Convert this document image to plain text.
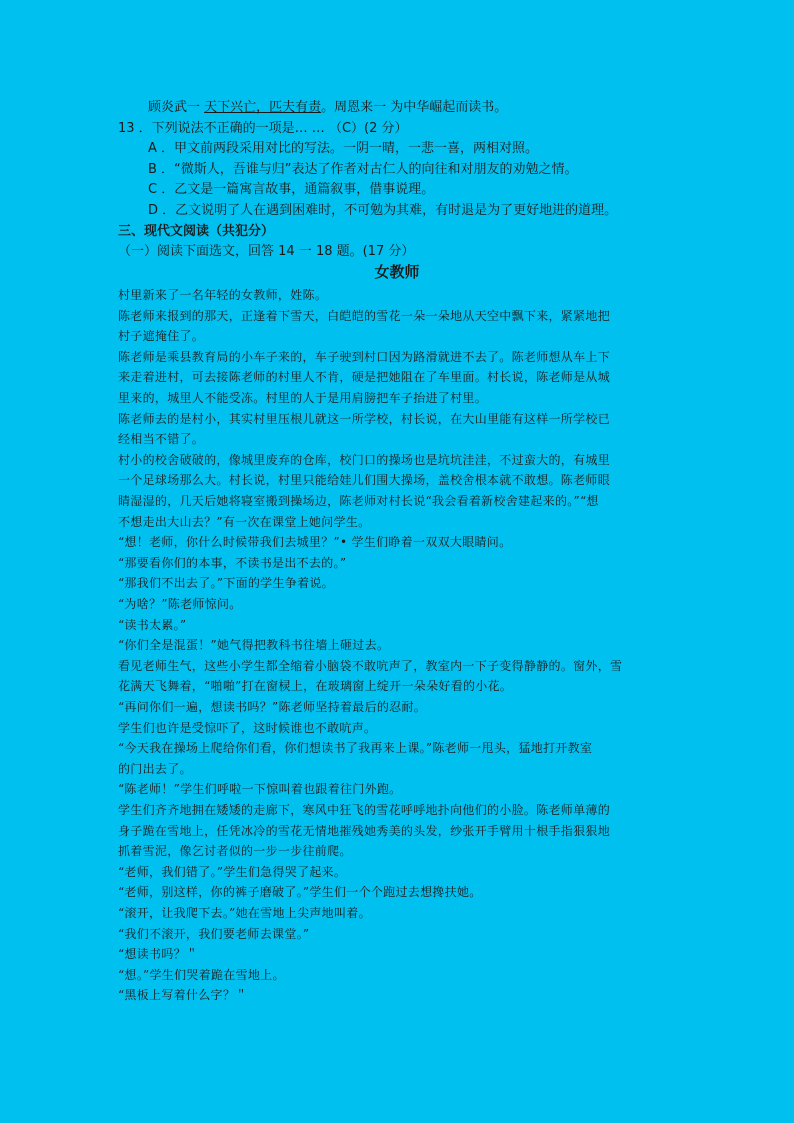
顾炎武一 天下兴亡，匹夫有责。周恩来一 为中华崛起而读书。
13 ．下列说法不正确的一项是… … （C）(2 分）
A ．甲文前两段采用对比的写法。一阴一晴，一悲一喜，两相对照。
B ．“微斯人，吾谁与归”表达了作者对古仁人的向往和对朋友的劝勉之情。
C ．乙文是一篇寓言故事，通篇叙事，借事说理。
D ．乙文说明了人在遇到困难时，不可勉为其难，有时退是为了更好地进的道理。
三、现代文阅读（共犯分）
（一）阅读下面选文，回答 14 一 18 题。(17 分）
女教师
村里新来了一名年轻的女教师，姓陈。
陈老师来报到的那天，正逢着下雪天，白皑皑的雪花一朵一朵地从天空中飘下来，紧紧地把
村子遮掩住了。
陈老师是乘县教育局的小车子来的，车子驶到村口因为路滑就进不去了。陈老师想从车上下
来走着进村，可去接陈老师的村里人不肯，硬是把她阻在了车里面。村长说，陈老师是从城
里来的，城里人不能受冻。村里的人于是用肩膀把车子抬进了村里。
陈老师去的是村小，其实村里压根儿就这一所学校，村长说，在大山里能有这样一所学校已
经相当不错了。
村小的校舍破破的，像城里废弃的仓库，校门口的操场也是坑坑洼洼，不过蛮大的，有城里
一个足球场那么大。村长说，村里只能给娃儿们围大操场，盖校舍根本就不敢想。陈老师眼
睛湿湿的，几天后她将寝室搬到操场边，陈老师对村长说“我会看着新校舍建起来的。”“想
不想走出大山去？”有一次在课堂上她问学生。
“想！老师，你什么时候带我们去城里？”• 学生们睁着一双双大眼睛问。
“那要看你们的本事，不读书是出不去的。”
“那我们不出去了。”下面的学生争着说。
“为啥？”陈老师惊问。
“读书太累。”
“你们全是混蛋！”她气得把教科书往墙上砸过去。
看见老师生气，这些小学生都全缩着小脑袋不敢吭声了，教室内一下子变得静静的。窗外，雪
花满天飞舞着，“啪啪”打在窗棂上，在玻璃窗上绽开一朵朵好看的小花。
“再问你们一遍，想读书吗？”陈老师坚持着最后的忍耐。
学生们也许是受惊吓了，这时候谁也不敢吭声。
“今天我在操场上爬给你们看，你们想读书了我再来上课。”陈老师一甩头，猛地打开教室
的门出去了。
“陈老师！”学生们呼啦一下惊叫着也跟着往门外跑。
学生们齐齐地拥在矮矮的走廊下，寒风中狂飞的雪花呼呼地扑向他们的小脸。陈老师单薄的
身子跪在雪地上，任凭冰冷的雪花无情地摧残她秀美的头发，纱张开手臂用十根手指狠狠地
抓着雪泥，像乞讨者似的一步一步往前爬。
“老师，我们错了。”学生们急得哭了起来。
“老师，别这样，你的裤子磨破了。”学生们一个个跑过去想搀扶她。
“滚开，让我爬下去。”她在雪地上尖声地叫着。
“我们不滚开，我们要老师去课堂。”
“想读书吗？＂
“想。”学生们哭着跪在雪地上。
“黑板上写着什么字？＂
